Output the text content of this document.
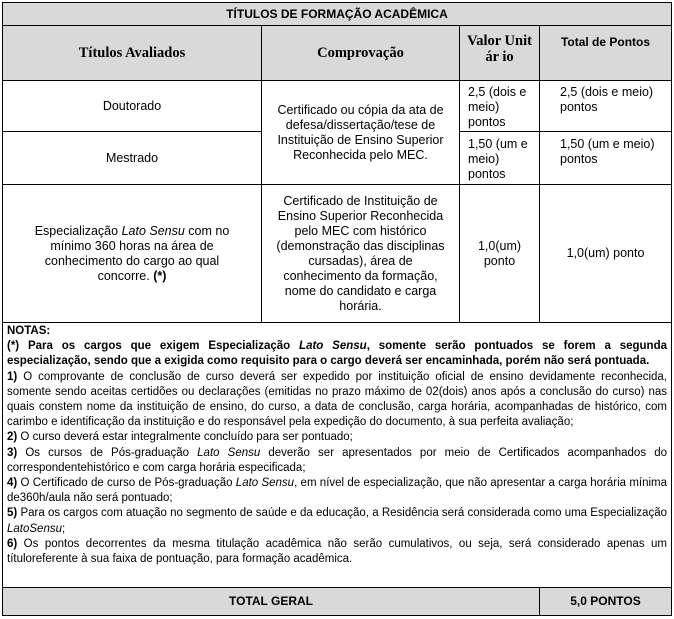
TÍTULOS DE FORMAÇÃO ACADÊMICA
Títulos Avaliados	Comprovação
Valor Unitár io
Total de Pontos
Doutorado
2,5 (dois e meio) pontos
2,5 (dois e meio) pontos
Certificado ou cópia da ata de defesa/dissertação/tese de Instituição de Ensino Superior Reconhecida pelo MEC.
Mestrado
1,50 (um e meio) pontos
1,50 (um e meio) pontos
Especialização Lato Sensu com no mínimo 360 horas na área de conhecimento do cargo ao qual concorre. (*)
Certificado de Instituição de Ensino Superior Reconhecida pelo MEC com histórico (demonstração das disciplinas cursadas), área de conhecimento da formação, nome do candidato e carga horária.
1,0(um) ponto
1,0(um) ponto

NOTAS:

(*) Para os cargos que exigem Especialização Lato Sensu, somente serão pontuados se forem a segunda especialização, sendo que a exigida como requisito para o cargo deverá ser encaminhada, porém não será pontuada.

1) O comprovante de conclusão de curso deverá ser expedido por instituição oficial de ensino devidamente reconhecida, somente sendo aceitas certidões ou declarações (emitidas no prazo máximo de 02(dois) anos após a conclusão do curso) nas quais constem nome da instituição de ensino, do curso, a data de conclusão, carga horária, acompanhadas de histórico, com carimbo e identificação da instituição e do responsável pela expedição do documento, à sua perfeita avaliação;

2) O curso deverá estar integralmente concluído para ser pontuado;

3) Os cursos de Pós-graduação Lato Sensu deverão ser apresentados por meio de Certificados acompanhados do correspondentehistórico e com carga horária especificada;

4) O Certificado de curso de Pós-graduação Lato Sensu, em nível de especialização, que não apresentar a carga horária mínima de360h/aula não será pontuado;

5) Para os cargos com atuação no segmento de saúde e da educação, a Residência será considerada como uma Especialização LatoSensu;

6) Os pontos decorrentes da mesma titulação acadêmica não serão cumulativos, ou seja, será considerado apenas um títuloreferente à sua faixa de pontuação, para formação acadêmica.

TOTAL GERAL	5,0 PONTOS
